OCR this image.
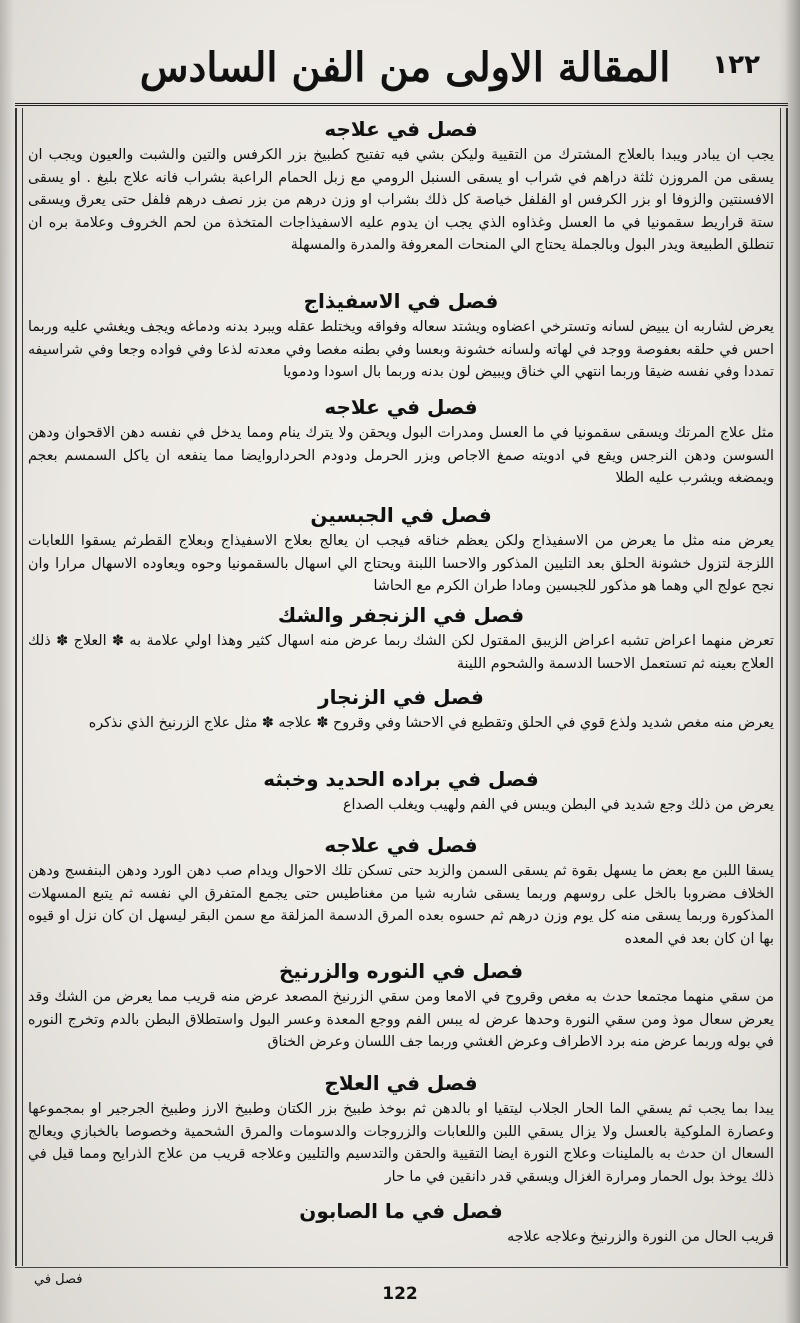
المقالة الاولى من الفن السادس	١٢٢

فصل في علاجه

يجب ان يبادر ويبدا بالعلاج المشترك من التقيية وليكن بشي فيه تفتيح كطبيخ بزر الكرفس والتين والشبت والعيون ويجب ان يسقى من المروزن ثلثة دراهم في شراب او يسقى السنبل الرومي مع زبل الحمام الراعبة بشراب فانه علاج بليغ . او يسقى الافسنتين والزوفا او بزر الكرفس او الفلفل خياصة كل ذلك بشراب او وزن درهم من بزر نصف درهم فلفل حتى يعرق ويسقى ستة قراريط سقمونيا في ما العسل وغذاوه الذي يجب ان يدوم عليه الاسفيذاجات المتخذة من لحم الخروف وعلامة بره ان تنطلق الطبيعة ويدر البول وبالجملة يحتاج الي المنحات المعروفة والمدرة والمسهلة

فصل في الاسفيذاج

يعرض لشاربه ان يبيض لسانه وتسترخي اعضاوه ويشتد سعاله وفواقه ويختلط عقله ويبرد بدنه ودماغه ويجف ويغشي عليه وربما احس في حلقه بعفوصة ووجد في لهاته ولسانه خشونة وبعسا وفي بطنه مغصا وفي معدته لذعا وفي فواده وجعا وفي شراسيفه تمددا وفي نفسه ضيقا وربما انتهي الي خناق ويبيض لون بدنه وربما بال اسودا ودمويا

فصل في علاجه

مثل علاج المرتك ويسقى سقمونيا في ما العسل ومدرات البول ويحقن ولا يترك ينام ومما يدخل في نفسه دهن الاقحوان ودهن السوسن ودهن النرجس ويقع في ادويته صمغ الاجاص وبزر الحرمل ودودم الحرداروايضا مما ينفعه ان ياكل السمسم بعجم ويمضغه ويشرب عليه الطلا

فصل في الجبسين

يعرض منه مثل ما يعرض من الاسفيذاج ولكن يعظم خناقه فيجب ان يعالج بعلاج الاسفيذاج وبعلاج القطرثم يسقوا اللعابات اللزجة لتزول خشونة الحلق بعد التليين المذكور والاحسا اللبنة ويحتاج الي اسهال بالسقمونيا وحوه ويعاوده الاسهال مرارا وان نجح عولج الي وهما هو مذكور للجبسين ومادا طران الكرم مع الحاشا

فصل في الزنجفر والشك

تعرض منهما اعراض تشبه اعراض الزيبق المقتول لكن الشك ربما عرض منه اسهال كثير وهذا اولي علامة به ✽ العلاج ✽ ذلك العلاج بعينه ثم تستعمل الاحسا الدسمة والشحوم اللينة

فصل في الزنجار

يعرض منه مغص شديد ولذع قوي في الحلق وتقطيع في الاحشا وفي وقروح ✽ علاجه ✽ مثل علاج الزرنيخ الذي نذكره

فصل في براده الحديد وخبثه

يعرض من ذلك وجع شديد في البطن ويبس في الفم ولهيب ويغلب الصداع

فصل في علاجه

يسقا اللبن مع بعض ما يسهل بقوة ثم يسقى السمن والزبد حتى تسكن تلك الاحوال ويدام صب دهن الورد ودهن البنفسج ودهن الخلاف مضروبا بالخل على روسهم وربما يسقى شاربه شيا من مغناطيس حتى يجمع المتفرق الي نفسه ثم يتبع المسهلات المذكورة وربما يسقى منه كل يوم وزن درهم ثم حسوه بعده المرق الدسمة المزلقة مع سمن البقر ليسهل ان كان نزل او قيوه بها ان كان بعد في المعده

فصل في النوره والزرنيخ

من سقي منهما مجتمعا حدث به مغص وقروح في الامعا ومن سقي الزرنيخ المصعد عرض منه قريب مما يعرض من الشك وقد يعرض سعال موذ ومن سقي النورة وحدها عرض له يبس الفم ووجع المعدة وعسر البول واستطلاق البطن بالدم وتخرج النوره في بوله وربما عرض منه برد الاطراف وعرض الغشي وربما جف اللسان وعرض الخناق

فصل في العلاج

يبدا بما يجب ثم يسقي الما الحار الجلاب ليتقيا او بالدهن ثم بوخذ طبيخ بزر الكتان وطبيخ الارز وطبيخ الجرجير او بمجموعها وعصارة الملوكية بالعسل ولا يزال يسقي اللبن واللعابات والزروجات والدسومات والمرق الشحمية وخصوصا بالخبازي ويعالج السعال ان حدث به بالملينات وعلاج النورة ايضا التقيية والحقن والتدسيم والتليين وعلاجه قريب من علاج الذرايح ومما قيل في ذلك يوخذ بول الحمار ومرارة الغزال ويسقي قدر دانقين في ما حار

فصل في ما الصابون

قريب الحال من النورة والزرنيخ وعلاجه علاجه

فصل في
122
